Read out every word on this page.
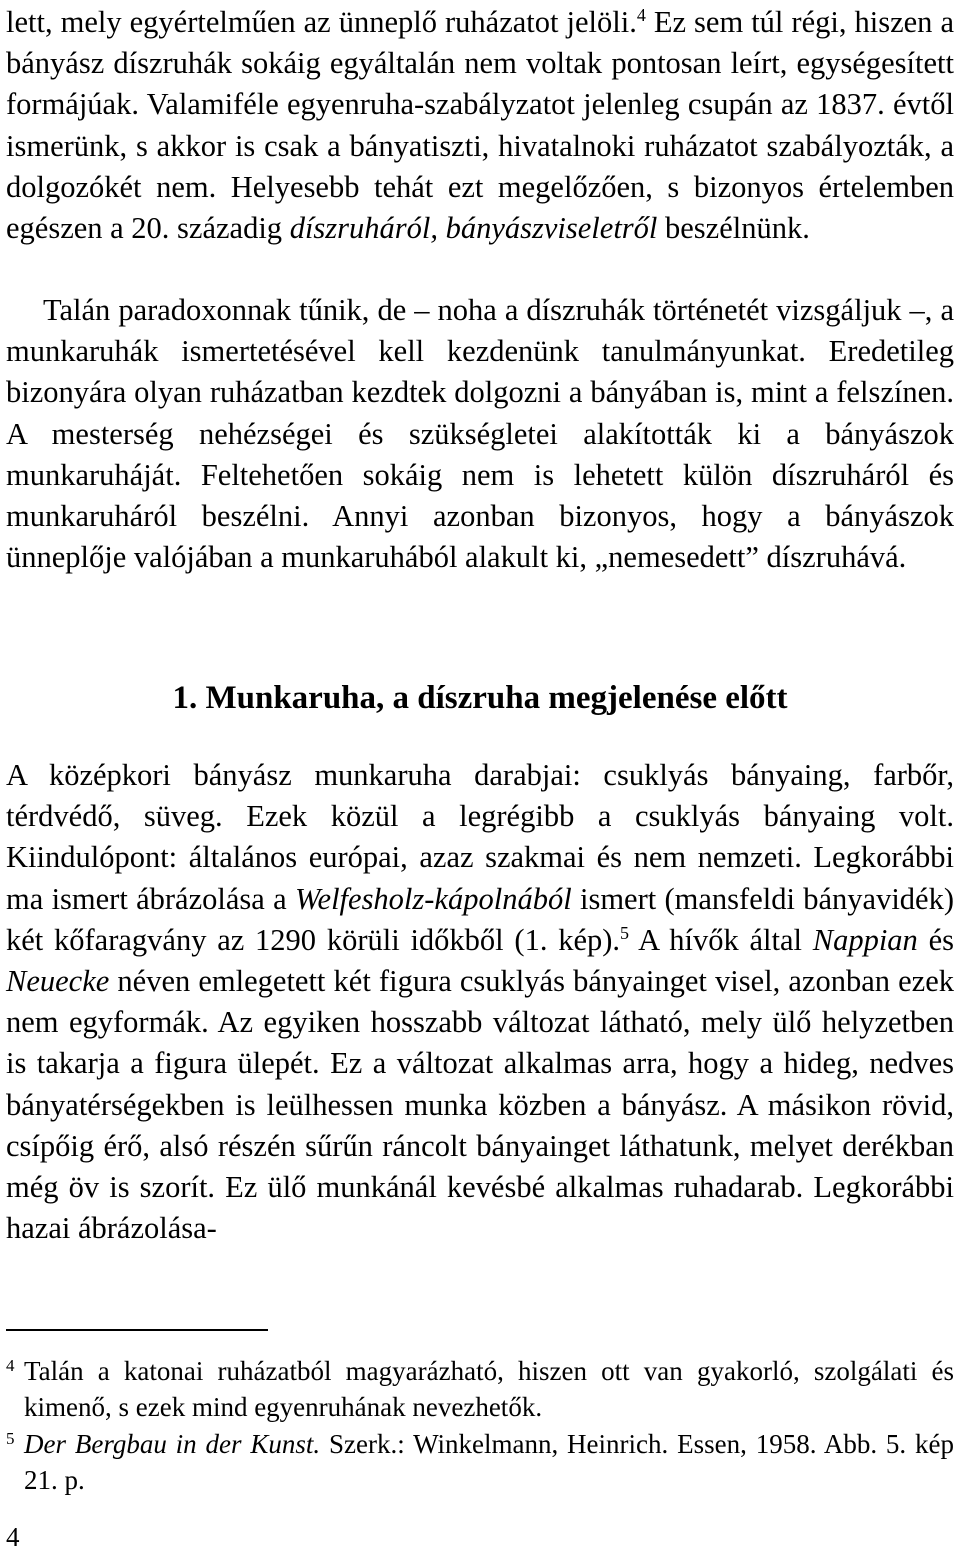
lett, mely egyértelműen az ünneplő ruházatot jelöli.$^4$ Ez sem túl régi, hiszen a bányász díszruhák sokáig egyáltalán nem voltak pontosan leírt, egységesített formájúak. Valamiféle egyenruha-szabályzatot jelenleg csupán az 1837. évtől ismerünk, s akkor is csak a bányatiszti, hivatalnoki ruházatot szabályozták, a dolgozókét nem. Helyesebb tehát ezt megelőzően, s bizonyos értelemben egészen a 20. századig díszruháról, bányászviseletről beszélnünk.

Talán paradoxonnak tűnik, de – noha a díszruhák történetét vizsgáljuk –, a munkaruhák ismertetésével kell kezdenünk tanulmányunkat. Eredetileg bizonyára olyan ruházatban kezdtek dolgozni a bányában is, mint a felszínen. A mesterség nehézségei és szükségletei alakították ki a bányászok munkaruháját. Feltehetően sokáig nem is lehetett külön díszruháról és munkaruháról beszélni. Annyi azonban bizonyos, hogy a bányászok ünneplője valójában a munkaruhából alakult ki, „nemesedett” díszruhává.

1. Munkaruha, a díszruha megjelenése előtt

A középkori bányász munkaruha darabjai: csuklyás bányaing, farbőr, térdvédő, süveg. Ezek közül a legrégibb a csuklyás bányaing volt. Kiindulópont: általános európai, azaz szakmai és nem nemzeti. Legkorábbi ma ismert ábrázolása a Welfesholz-kápolnából ismert (mansfeldi bányavidék) két kőfaragvány az 1290 körüli időkből (1. kép).$^5$ A hívők által Nappian és Neuecke néven emlegetett két figura csuklyás bányainget visel, azonban ezek nem egyformák. Az egyiken hosszabb változat látható, mely ülő helyzetben is takarja a figura ülepét. Ez a változat alkalmas arra, hogy a hideg, nedves bányatérségekben is leülhessen munka közben a bányász. A másikon rövid, csípőig érő, alsó részén sűrűn ráncolt bányainget láthatunk, melyet derékban még öv is szorít. Ez ülő munkánál kevésbé alkalmas ruhadarab. Legkorábbi hazai ábrázolása-

4 Talán a katonai ruházatból magyarázható, hiszen ott van gyakorló, szolgálati és kimenő, s ezek mind egyenruhának nevezhetők.

5 Der Bergbau in der Kunst. Szerk.: Winkelmann, Heinrich. Essen, 1958. Abb. 5. kép 21. p.

4
